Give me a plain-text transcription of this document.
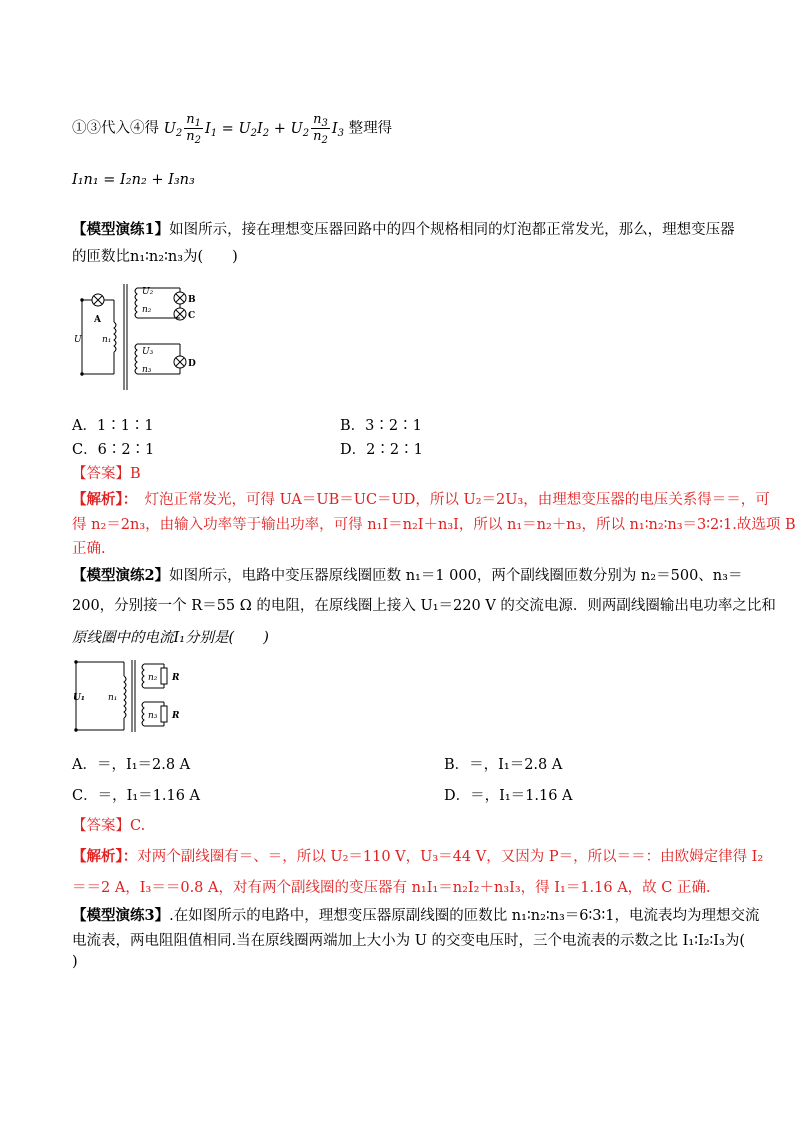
①③代入④得 $U_2 \frac{n_1}{n_2} I_1 = U_2I_2 + U_2 \frac{n_3}{n_2} I_3$ 整理得
I₁n₁ = I₂n₂ + I₃n₃
【模型演练1】如图所示，接在理想变压器回路中的四个规格相同的灯泡都正常发光，那么，理想变压器
的匝数比n₁∶n₂∶n₃为(　　)
A
U n₁
U₂
n₂
U₃
n₃
B
C
D
A．1∶1∶1	B．3∶2∶1
C．6∶2∶1	D．2∶2∶1
【答案】B
【解析】：　灯泡正常发光，可得 UA＝UB＝UC＝UD，所以 U₂＝2U₃，由理想变压器的电压关系得＝＝，可
得 n₂＝2n₃，由输入功率等于输出功率，可得 n₁I＝n₂I＋n₃I，所以 n₁＝n₂＋n₃，所以 n₁∶n₂∶n₃＝3∶2∶1.故选项 B
正确.
【模型演练2】如图所示，电路中变压器原线圈匝数 n₁＝1 000，两个副线圈匝数分别为 n₂＝500、n₃＝
200，分别接一个 R＝55 Ω 的电阻，在原线圈上接入 U₁＝220 V 的交流电源．则两副线圈输出电功率之比和
原线圈中的电流I₁分别是(　　)
U₁	n₁
n₂
n₃
R
R
A．＝，I₁＝2.8 A	B．＝，I₁＝2.8 A
C．＝，I₁＝1.16 A	D．＝，I₁＝1.16 A
【答案】C.
【解析】：对两个副线圈有＝、＝，所以 U₂＝110 V，U₃＝44 V，又因为 P＝，所以＝＝：由欧姆定律得 I₂
＝＝2 A，I₃＝＝0.8 A，对有两个副线圈的变压器有 n₁I₁＝n₂I₂＋n₃I₃，得 I₁＝1.16 A，故 C 正确.
【模型演练3】.在如图所示的电路中，理想变压器原副线圈的匝数比 n₁∶n₂∶n₃＝6∶3∶1，电流表均为理想交流
电流表，两电阻阻值相同.当在原线圈两端加上大小为 U 的交变电压时，三个电流表的示数之比 I₁∶I₂∶I₃为(
)
